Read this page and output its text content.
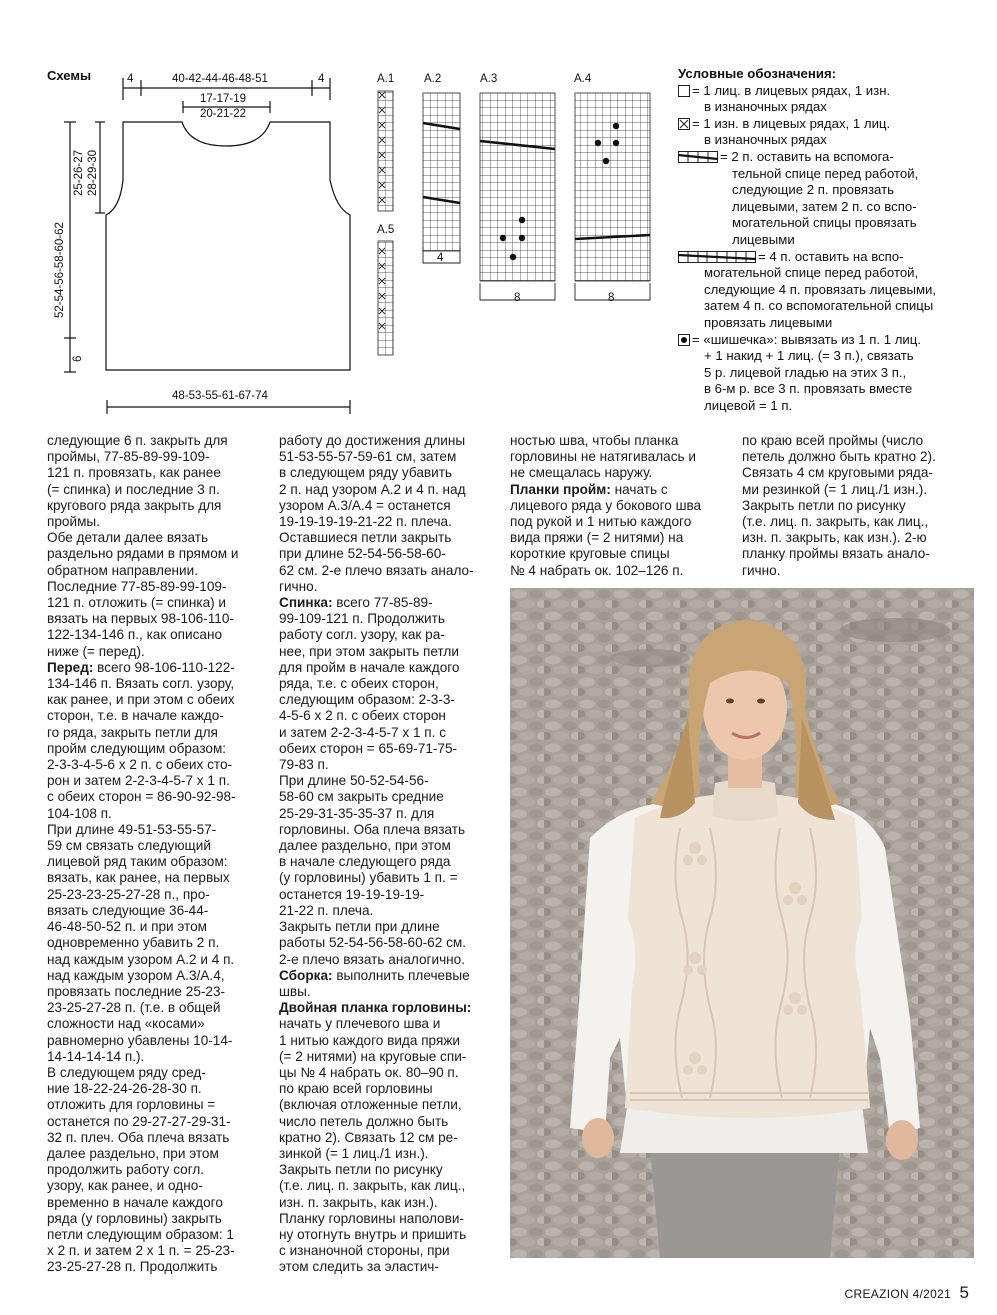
Схемы	4	40-42-44-46-48-51	4
17-17-19
20-21-22
25-26-27 28-29-30
52-54-56-58-60-62
6
48-53-55-61-67-74
A.1	A.2	A.3	A.4
A.5
4
8	8
Условные обозначения:
= 1 лиц. в лицевых рядах, 1 изн.
в изнаночных рядах
= 1 изн. в лицевых рядах, 1 лиц.
в изнаночных рядах
= 2 п. оставить на вспомога-
тельной спице перед работой,
следующие 2 п. провязать
лицевыми, затем 2 п. со вспо-
могательной спицы провязать
лицевыми
= 4 п. оставить на вспо-
могательной спице перед работой,
следующие 4 п. провязать лицевыми,
затем 4 п. со вспомогательной спицы
провязать лицевыми
= «шишечка»: вывязать из 1 п. 1 лиц.
+ 1 накид + 1 лиц. (= 3 п.), связать
5 р. лицевой гладью на этих 3 п.,
в 6-м р. все 3 п. провязать вместе
лицевой = 1 п.

следующие 6 п. закрыть для

проймы, 77-85-89-99-109-

121 п. провязать, как ранее

(= спинка) и последние 3 п.

кругового ряда закрыть для

проймы.

Обе детали далее вязать

раздельно рядами в прямом и

обратном направлении.

Последние 77-85-89-99-109-

121 п. отложить (= спинка) и

вязать на первых 98-106-110-

122-134-146 п., как описано

ниже (= перед).

Перед: всего 98-106-110-122-

134-146 п. Вязать согл. узору,

как ранее, и при этом с обеих

сторон, т.е. в начале каждо-

го ряда, закрыть петли для

пройм следующим образом:

2-3-3-4-5-6 х 2 п. с обеих сто-

рон и затем 2-2-3-4-5-7 х 1 п.

с обеих сторон = 86-90-92-98-

104-108 п.

При длине 49-51-53-55-57-

59 см связать следующий

лицевой ряд таким образом:

вязать, как ранее, на первых

25-23-23-25-27-28 п., про-

вязать следующие 36-44-

46-48-50-52 п. и при этом

одновременно убавить 2 п.

над каждым узором A.2 и 4 п.

над каждым узором A.3/A.4,

провязать последние 25-23-

23-25-27-28 п. (т.е. в общей

сложности над «косами»

равномерно убавлены 10-14-

14-14-14-14 п.).

В следующем ряду сред-

ние 18-22-24-26-28-30 п.

отложить для горловины =

останется по 29-27-27-29-31-

32 п. плеч. Оба плеча вязать

далее раздельно, при этом

продолжить работу согл.

узору, как ранее, и одно-

временно в начале каждого

ряда (у горловины) закрыть

петли следующим образом: 1

х 2 п. и затем 2 х 1 п. = 25-23-

23-25-27-28 п. Продолжить

работу до достижения длины

51-53-55-57-59-61 см, затем

в следующем ряду убавить

2 п. над узором A.2 и 4 п. над

узором A.3/A.4 = останется

19-19-19-19-21-22 п. плеча.

Оставшиеся петли закрыть

при длине 52-54-56-58-60-

62 см. 2-е плечо вязать анало-

гично.

Спинка: всего 77-85-89-

99-109-121 п. Продолжить

работу согл. узору, как ра-

нее, при этом закрыть петли

для пройм в начале каждого

ряда, т.е. с обеих сторон,

следующим образом: 2-3-3-

4-5-6 х 2 п. с обеих сторон

и затем 2-2-3-4-5-7 х 1 п. с

обеих сторон = 65-69-71-75-

79-83 п.

При длине 50-52-54-56-

58-60 см закрыть средние

25-29-31-35-35-37 п. для

горловины. Оба плеча вязать

далее раздельно, при этом

в начале следующего ряда

(у горловины) убавить 1 п. =

останется 19-19-19-19-

21-22 п. плеча.

Закрыть петли при длине

работы 52-54-56-58-60-62 см.

2-е плечо вязать аналогично.

Сборка: выполнить плечевые

швы.

Двойная планка горловины:

начать у плечевого шва и

1 нитью каждого вида пряжи

(= 2 нитями) на круговые спи-

цы № 4 набрать ок. 80–90 п.

по краю всей горловины

(включая отложенные петли,

число петель должно быть

кратно 2). Связать 12 см ре-

зинкой (= 1 лиц./1 изн.).

Закрыть петли по рисунку

(т.е. лиц. п. закрыть, как лиц.,

изн. п. закрыть, как изн.).

Планку горловины наполови-

ну отогнуть внутрь и пришить

с изнаночной стороны, при

этом следить за эластич-

ностью шва, чтобы планка

горловины не натягивалась и

не смещалась наружу.

Планки пройм: начать с

лицевого ряда у бокового шва

под рукой и 1 нитью каждого

вида пряжи (= 2 нитями) на

короткие круговые спицы

№ 4 набрать ок. 102–126 п.

по краю всей проймы (число

петель должно быть кратно 2).

Связать 4 см круговыми ряда-

ми резинкой (= 1 лиц./1 изн.).

Закрыть петли по рисунку

(т.е. лиц. п. закрыть, как лиц.,

изн. п. закрыть, как изн.). 2-ю

планку проймы вязать анало-

гично.

CREAZION 4/2021 5
